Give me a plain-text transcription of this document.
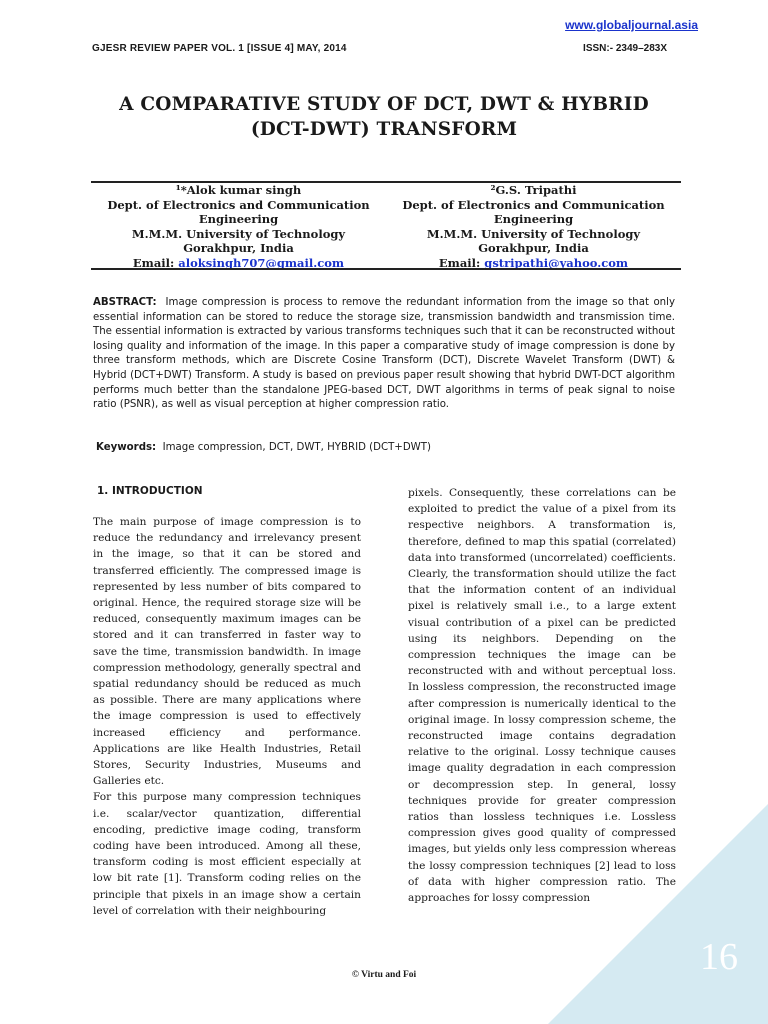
www.globaljournal.asia
GJESR REVIEW PAPER VOL. 1 [ISSUE 4] MAY, 2014	ISSN:- 2349–283X
A COMPARATIVE STUDY OF DCT, DWT & HYBRID
(DCT-DWT) TRANSFORM
¹*Alok kumar singh
Dept. of Electronics and Communication Engineering
M.M.M. University of Technology
Gorakhpur, India
Email: aloksingh707@gmail.com
²G.S. Tripathi
Dept. of Electronics and Communication Engineering
M.M.M. University of Technology
Gorakhpur, India
Email: gstripathi@yahoo.com
ABSTRACT: Image compression is process to remove the redundant information from the image so that only essential information can be stored to reduce the storage size, transmission bandwidth and transmission time. The essential information is extracted by various transforms techniques such that it can be reconstructed without losing quality and information of the image. In this paper a comparative study of image compression is done by three transform methods, which are Discrete Cosine Transform (DCT), Discrete Wavelet Transform (DWT) & Hybrid (DCT+DWT) Transform. A study is based on previous paper result showing that hybrid DWT-DCT algorithm performs much better than the standalone JPEG-based DCT, DWT algorithms in terms of peak signal to noise ratio (PSNR), as well as visual perception at higher compression ratio.
Keywords: Image compression, DCT, DWT, HYBRID (DCT+DWT)
1. INTRODUCTION

The main purpose of image compression is to reduce the redundancy and irrelevancy present in the image, so that it can be stored and transferred efficiently. The compressed image is represented by less number of bits compared to original. Hence, the required storage size will be reduced, consequently maximum images can be stored and it can transferred in faster way to save the time, transmission bandwidth. In image compression methodology, generally spectral and spatial redundancy should be reduced as much as possible. There are many applications where the image compression is used to effectively increased efficiency and performance. Applications are like Health Industries, Retail Stores, Security Industries, Museums and Galleries etc.

For this purpose many compression techniques i.e. scalar/vector quantization, differential encoding, predictive image coding, transform coding have been introduced. Among all these, transform coding is most efficient especially at low bit rate [1]. Transform coding relies on the principle that pixels in an image show a certain level of correlation with their neighbouring

pixels. Consequently, these correlations can be exploited to predict the value of a pixel from its respective neighbors. A transformation is, therefore, defined to map this spatial (correlated) data into transformed (uncorrelated) coefficients. Clearly, the transformation should utilize the fact that the information content of an individual pixel is relatively small i.e., to a large extent visual contribution of a pixel can be predicted using its neighbors. Depending on the compression techniques the image can be reconstructed with and without perceptual loss. In lossless compression, the reconstructed image after compression is numerically identical to the original image. In lossy compression scheme, the reconstructed image contains degradation relative to the original. Lossy technique causes image quality degradation in each compression or decompression step. In general, lossy techniques provide for greater compression ratios than lossless techniques i.e. Lossless compression gives good quality of compressed images, but yields only less compression whereas the lossy compression techniques [2] lead to loss of data with higher compression ratio. The approaches for lossy compression

16
© Virtu and Foi
